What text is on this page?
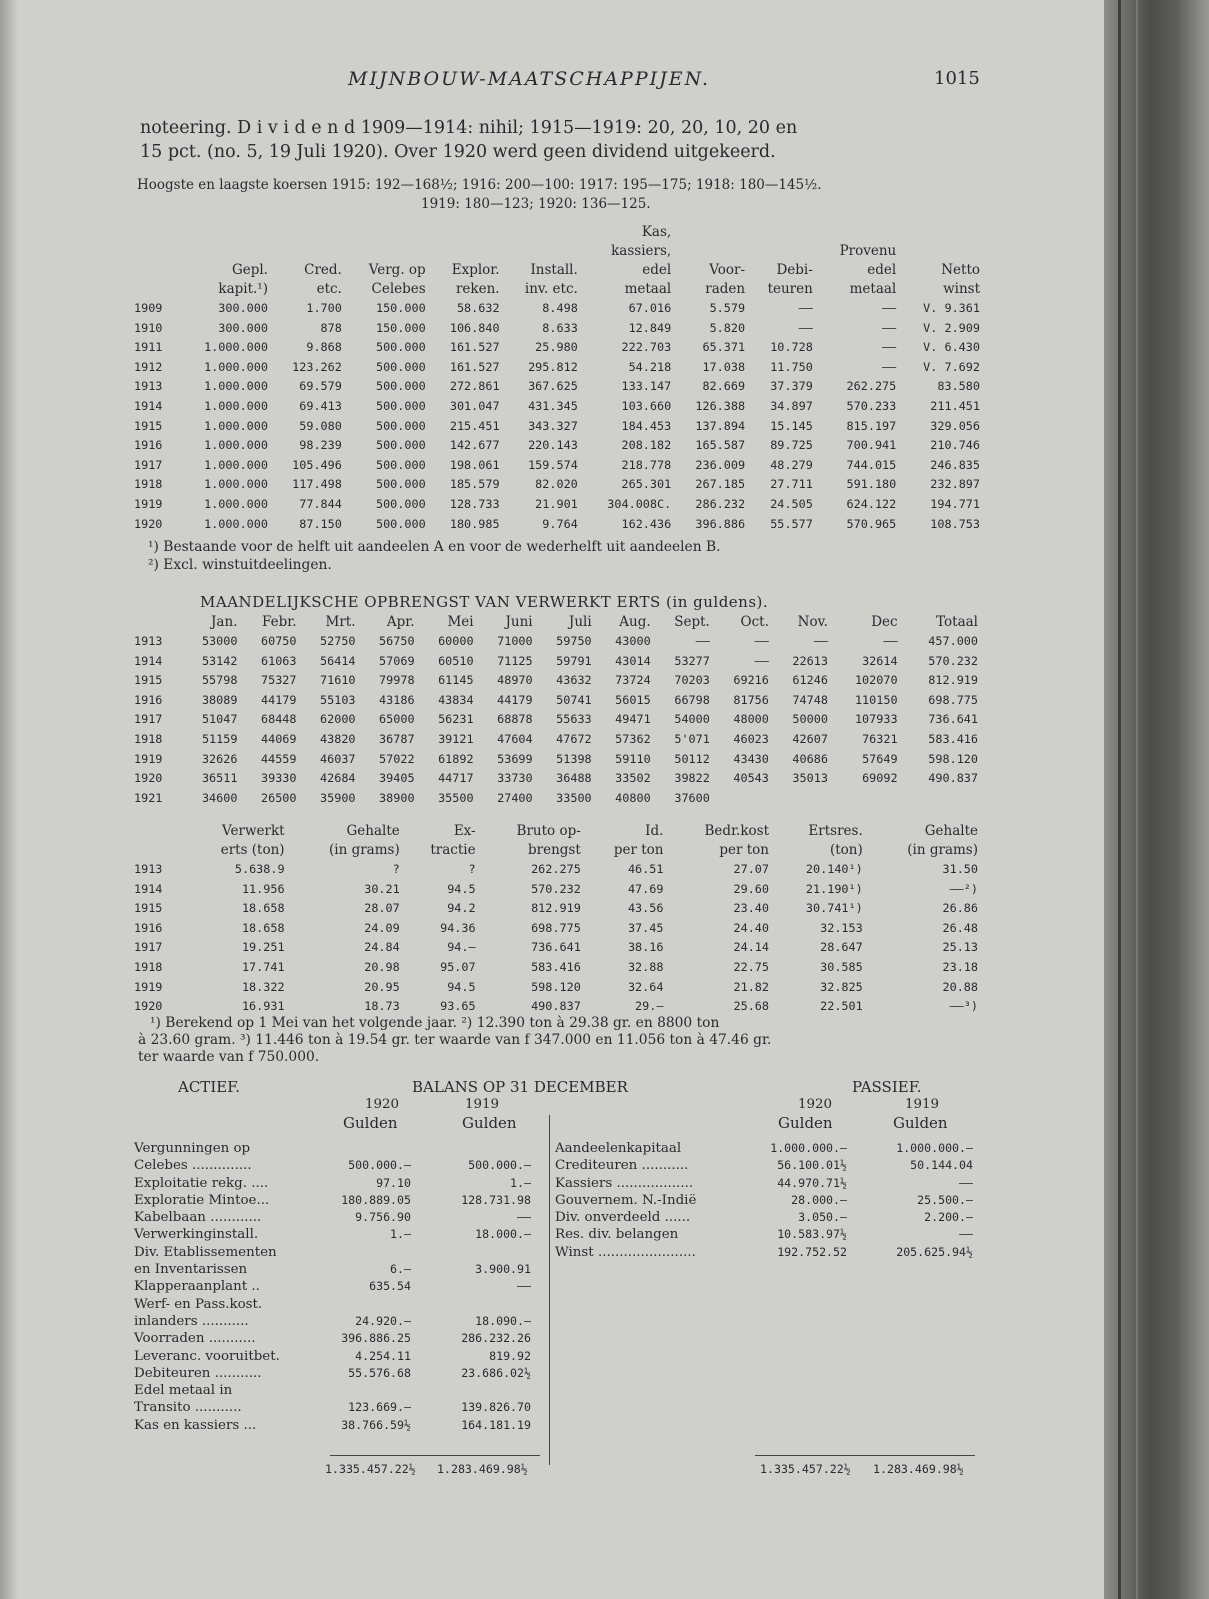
MIJNBOUW-MAATSCHAPPIJEN.	1015
noteering. D i v i d e n d 1909—1914: nihil; 1915—1919: 20, 20, 10, 20 en
15 pct. (no. 5, 19 Juli 1920). Over 1920 werd geen dividend uitgekeerd.
Hoogste en laagste koersen 1915: 192—168½; 1916: 200—100: 1917: 195—175; 1918: 180—145½.
1919: 180—123; 1920: 136—125.
						Kas,				
						kassiers,			Provenu	
	Gepl.	Cred.	Verg. op	Explor.	Install.	edel	Voor-	Debi-	edel	Netto
	kapit.¹)	etc.	Celebes	reken.	inv. etc.	metaal	raden	teuren	metaal	winst
1909	300.000	1.700	150.000	58.632	8.498	67.016	5.579	——	——	V. 9.361
1910	300.000	878	150.000	106.840	8.633	12.849	5.820	——	——	V. 2.909
1911	1.000.000	9.868	500.000	161.527	25.980	222.703	65.371	10.728	——	V. 6.430
1912	1.000.000	123.262	500.000	161.527	295.812	54.218	17.038	11.750	——	V. 7.692
1913	1.000.000	69.579	500.000	272.861	367.625	133.147	82.669	37.379	262.275	83.580
1914	1.000.000	69.413	500.000	301.047	431.345	103.660	126.388	34.897	570.233	211.451
1915	1.000.000	59.080	500.000	215.451	343.327	184.453	137.894	15.145	815.197	329.056
1916	1.000.000	98.239	500.000	142.677	220.143	208.182	165.587	89.725	700.941	210.746
1917	1.000.000	105.496	500.000	198.061	159.574	218.778	236.009	48.279	744.015	246.835
1918	1.000.000	117.498	500.000	185.579	82.020	265.301	267.185	27.711	591.180	232.897
1919	1.000.000	77.844	500.000	128.733	21.901	304.008C.	286.232	24.505	624.122	194.771
1920	1.000.000	87.150	500.000	180.985	9.764	162.436	396.886	55.577	570.965	108.753
¹) Bestaande voor de helft uit aandeelen A en voor de wederhelft uit aandeelen B.
²) Excl. winstuitdeelingen.
MAANDELIJKSCHE OPBRENGST VAN VERWERKT ERTS (in guldens).
	Jan.	Febr.	Mrt.	Apr.	Mei	Juni	Juli	Aug.	Sept.	Oct.	Nov.	Dec	Totaal
1913	53000	60750	52750	56750	60000	71000	59750	43000	——	——	——	——	457.000
1914	53142	61063	56414	57069	60510	71125	59791	43014	53277	——	22613	32614	570.232
1915	55798	75327	71610	79978	61145	48970	43632	73724	70203	69216	61246	102070	812.919
1916	38089	44179	55103	43186	43834	44179	50741	56015	66798	81756	74748	110150	698.775
1917	51047	68448	62000	65000	56231	68878	55633	49471	54000	48000	50000	107933	736.641
1918	51159	44069	43820	36787	39121	47604	47672	57362	5'071	46023	42607	76321	583.416
1919	32626	44559	46037	57022	61892	53699	51398	59110	50112	43430	40686	57649	598.120
1920	36511	39330	42684	39405	44717	33730	36488	33502	39822	40543	35013	69092	490.837
1921	34600	26500	35900	38900	35500	27400	33500	40800	37600				
	Verwerkt	Gehalte	Ex-	Bruto op-	Id.	Bedr.kost	Ertsres.	Gehalte
	erts (ton)	(in grams)	tractie	brengst	per ton	per ton	(ton)	(in grams)
1913	5.638.9	?	?	262.275	46.51	27.07	20.140¹)	31.50
1914	11.956	30.21	94.5	570.232	47.69	29.60	21.190¹)	——²)
1915	18.658	28.07	94.2	812.919	43.56	23.40	30.741¹)	26.86
1916	18.658	24.09	94.36	698.775	37.45	24.40	32.153	26.48
1917	19.251	24.84	94.—	736.641	38.16	24.14	28.647	25.13
1918	17.741	20.98	95.07	583.416	32.88	22.75	30.585	23.18
1919	18.322	20.95	94.5	598.120	32.64	21.82	32.825	20.88
1920	16.931	18.73	93.65	490.837	29.—	25.68	22.501	——³)
¹) Berekend op 1 Mei van het volgende jaar. ²) 12.390 ton à 29.38 gr. en 8800 ton
à 23.60 gram. ³) 11.446 ton à 19.54 gr. ter waarde van f 347.000 en 11.056 ton à 47.46 gr.
ter waarde van f 750.000.
ACTIEF.	BALANS OP 31 DECEMBER	PASSIEF.
1920	1919
Gulden	Gulden
1920	1919
Gulden	Gulden
Vergunningen op
Celebes ..............	500.000.—	500.000.—
Exploitatie rekg. ....	97.10	1.—
Exploratie Mintoe...	180.889.05	128.731.98
Kabelbaan ............	9.756.90	——
Verwerkinginstall.	1.—	18.000.—
Div. Etablissementen
en Inventarissen	6.—	3.900.91
Klapperaanplant ..	635.54	——
Werf- en Pass.kost.
inlanders ...........	24.920.—	18.090.—
Voorraden ...........	396.886.25	286.232.26
Leveranc. vooruitbet.	4.254.11	819.92
Debiteuren ...........	55.576.68	23.686.02½
Edel metaal in
Transito ...........	123.669.—	139.826.70
Kas en kassiers ...	38.766.59½	164.181.19
Aandeelenkapitaal	1.000.000.—	1.000.000.—
Crediteuren ...........	56.100.01½	50.144.04
Kassiers ..................	44.970.71½	——
Gouvernem. N.-Indië	28.000.—	25.500.—
Div. onverdeeld ......	3.050.—	2.200.—
Res. div. belangen	10.583.97½	——
Winst .......................	192.752.52	205.625.94½
1.335.457.22½ 1.283.469.98½	1.335.457.22½ 1.283.469.98½
